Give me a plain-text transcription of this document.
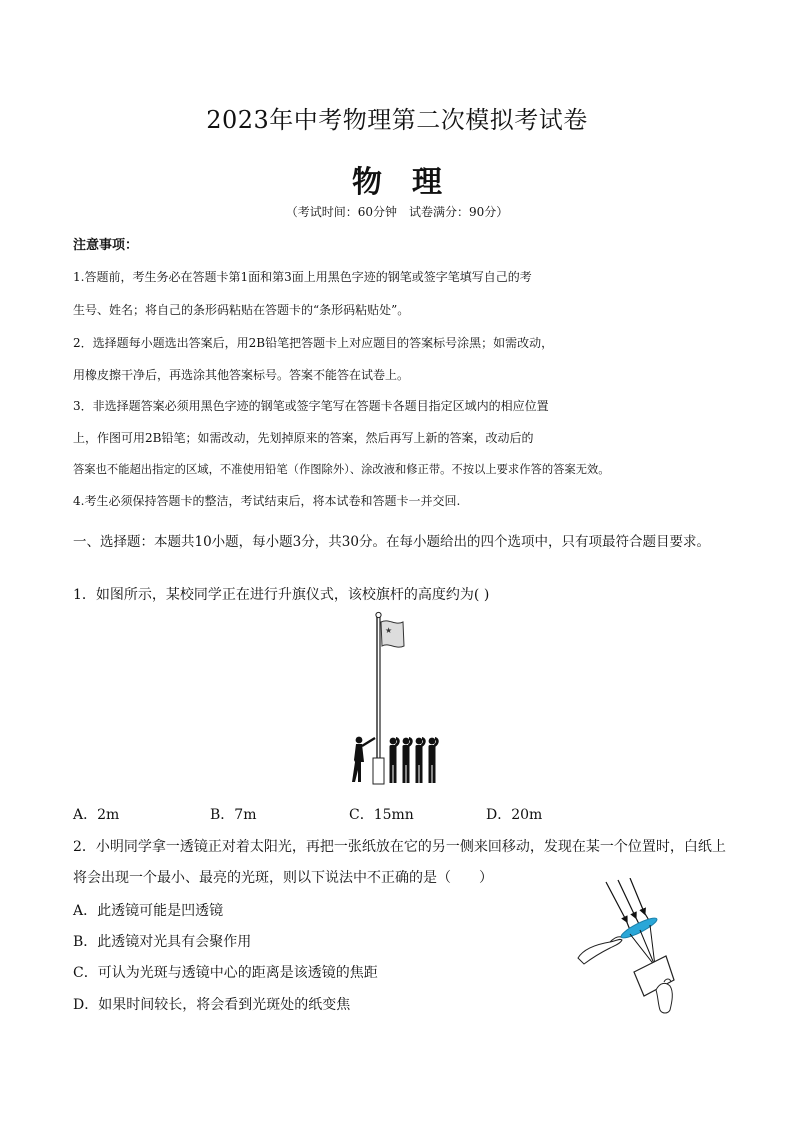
2023年中考物理第二次模拟考试卷
物理
（考试时间：60分钟　试卷满分：90分）
注意事项：
1.答题前，考生务必在答题卡第1面和第3面上用黑色字迹的钢笔或签字笔填写自己的考
生号、姓名；将自己的条形码粘贴在答题卡的“条形码粘贴处”。
2．选择题每小题选出答案后，用2B铅笔把答题卡上对应题目的答案标号涂黑；如需改动，
用橡皮擦干净后，再选涂其他答案标号。答案不能答在试卷上。
3．非选择题答案必须用黑色字迹的钢笔或签字笔写在答题卡各题目指定区域内的相应位置
上，作图可用2B铅笔；如需改动，先划掉原来的答案，然后再写上新的答案，改动后的
答案也不能超出指定的区域，不准使用铅笔（作图除外）、涂改液和修正带。不按以上要求作答的答案无效。
4.考生必须保持答题卡的整洁，考试结束后，将本试卷和答题卡一并交回.
一、选择题：本题共10小题，每小题3分，共30分。在每小题给出的四个选项中，只有项最符合题目要求。
1．如图所示，某校同学正在进行升旗仪式，该校旗杆的高度约为( )
★
A．2m	B．7m	C．15mn	D．20m
2．小明同学拿一透镜正对着太阳光，再把一张纸放在它的另一侧来回移动，发现在某一个位置时，白纸上
将会出现一个最小、最亮的光斑，则以下说法中不正确的是（　　）
A．此透镜可能是凹透镜
B．此透镜对光具有会聚作用
C．可认为光斑与透镜中心的距离是该透镜的焦距
D．如果时间较长，将会看到光斑处的纸变焦
